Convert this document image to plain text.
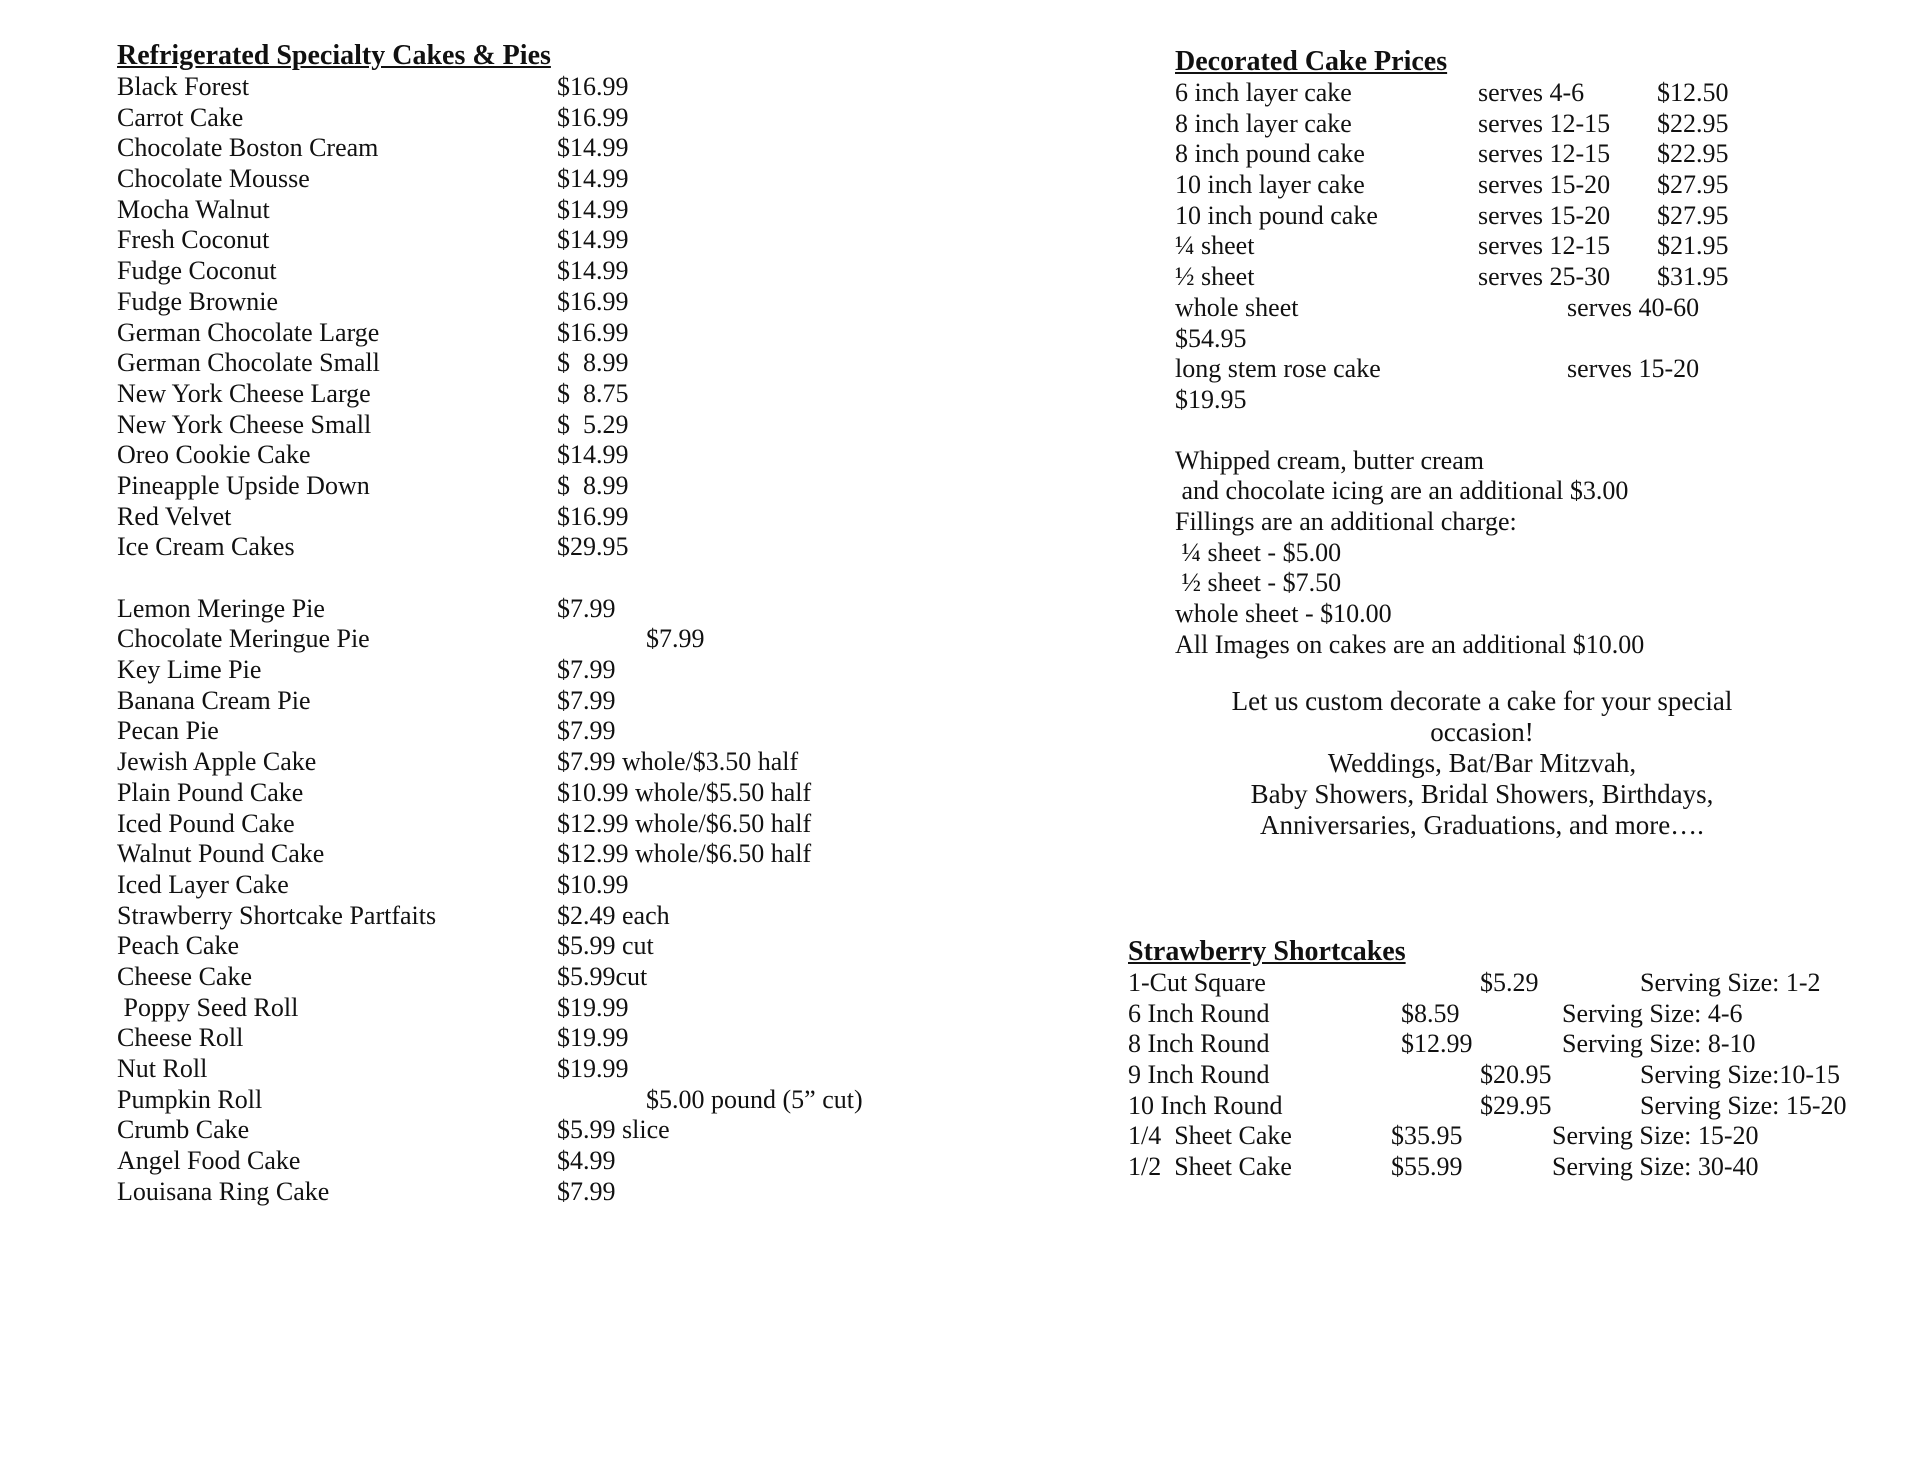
Refrigerated Specialty Cakes & Pies
Black Forest	$16.99
Carrot Cake	$16.99
Chocolate Boston Cream	$14.99
Chocolate Mousse	$14.99
Mocha Walnut	$14.99
Fresh Coconut	$14.99
Fudge Coconut	$14.99
Fudge Brownie	$16.99
German Chocolate Large	$16.99
German Chocolate Small	$  8.99
New York Cheese Large	$  8.75
New York Cheese Small	$  5.29
Oreo Cookie Cake	$14.99
Pineapple Upside Down	$  8.99
Red Velvet	$16.99
Ice Cream Cakes	$29.95
Lemon Meringe Pie	$7.99
Chocolate Meringue Pie	$7.99
Key Lime Pie	$7.99
Banana Cream Pie	$7.99
Pecan Pie	$7.99
Jewish Apple Cake	$7.99 whole/$3.50 half
Plain Pound Cake	$10.99 whole/$5.50 half
Iced Pound Cake	$12.99 whole/$6.50 half
Walnut Pound Cake	$12.99 whole/$6.50 half
Iced Layer Cake	$10.99
Strawberry Shortcake Partfaits	$2.49 each
Peach Cake	$5.99 cut
Cheese Cake	$5.99cut
Poppy Seed Roll	$19.99
Cheese Roll	$19.99
Nut Roll	$19.99
Pumpkin Roll	$5.00 pound (5” cut)
Crumb Cake	$5.99 slice
Angel Food Cake	$4.99
Louisana Ring Cake	$7.99
Decorated Cake Prices
6 inch layer cake	serves 4-6	$12.50
8 inch layer cake	serves 12-15 $22.95
8 inch pound cake	serves 12-15 $22.95
10 inch layer cake	serves 15-20 $27.95
10 inch pound cake	serves 15-20 $27.95
¼ sheet	serves 12-15 $21.95
½ sheet	serves 25-30 $31.95
whole sheet	serves 40-60
$54.95
long stem rose cake	serves 15-20
$19.95
Whipped cream, butter cream
and chocolate icing are an additional $3.00
Fillings are an additional charge:
¼ sheet - $5.00
½ sheet - $7.50
whole sheet - $10.00
All Images on cakes are an additional $10.00
Let us custom decorate a cake for your special
occasion!
Weddings, Bat/Bar Mitzvah,
Baby Showers, Bridal Showers, Birthdays,
Anniversaries, Graduations, and more….
Strawberry Shortcakes
1-Cut Square	$5.29	Serving Size: 1-2
6 Inch Round	$8.59	Serving Size: 4-6
8 Inch Round	$12.99	Serving Size: 8-10
9 Inch Round	$20.95	Serving Size:10-15
10 Inch Round	$29.95	Serving Size: 15-20
1/4  Sheet Cake	$35.95	Serving Size: 15-20
1/2  Sheet Cake	$55.99	Serving Size: 30-40
